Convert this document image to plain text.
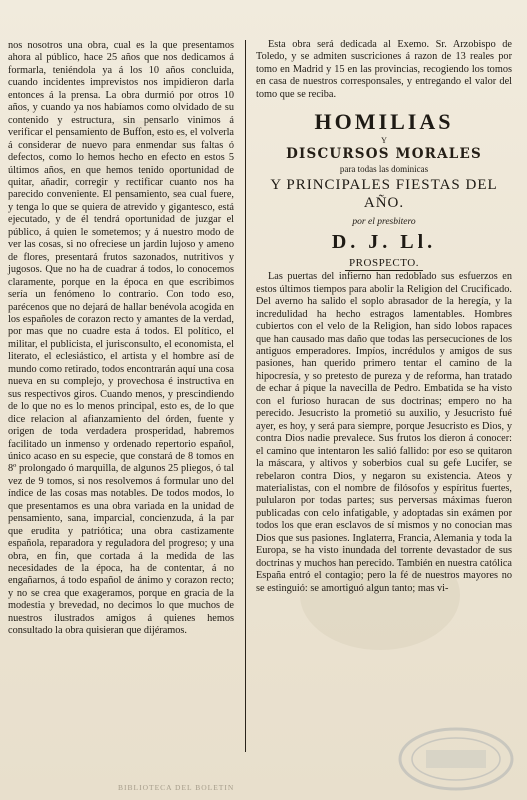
nos nosotros una obra, cual es la que presentamos ahora al público, hace 25 años que nos dedicamos á formarla, teniéndola ya á los 10 años concluida, cuando incidentes imprevistos nos impidieron darla entonces á la prensa. La obra durmió por otros 10 años, y cuando ya nos habíamos como olvidado de su contenido y estructura, sin pensarlo vinimos á verificar el pensamiento de Buffon, esto es, el volverla á considerar de nuevo para enmendar sus faltas ó defectos, como lo hemos hecho en efecto en estos 5 últimos años, en que hemos tenido oportunidad de quitar, añadir, corregir y rectificar cuanto nos ha parecido conveniente. El pensamiento, sea cual fuere, y tenga lo que se quiera de atrevido y gigantesco, está ejecutado, y de él tendrá oportunidad de juzgar el público, á quien le sometemos; y á nuestro modo de ver las cosas, si no ofreciese un jardin lujoso y ameno de flores, presentará frutos sazonados, nutritivos y jugosos. Que no ha de cuadrar á todos, lo conocemos claramente, porque en la época en que escribimos sería un fenómeno lo contrario. Con todo eso, parécenos que no dejará de hallar benévola acogida en los españoles de corazon recto y amantes de la verdad, por mas que no cuadre esta á todos. El político, el militar, el publicista, el jurisconsulto, el economista, el literato, el eclesiástico, el artista y el hombre así de mundo como retirado, todos encontrarán aquí una cosa nueva en su complejo, y provechosa é instructiva en sus respectivos giros. Cuando menos, y prescindiendo de lo que no es lo menos principal, esto es, de lo que dice relacion al afianzamiento del órden, fuente y origen de toda verdadera prosperidad, habremos facilitado un inmenso y ordenado repertorio español, único acaso en su especie, que constará de 8 tomos en 8º prolongado ó marquilla, de algunos 25 pliegos, ó tal vez de 9 tomos, si nos resolvemos á formular uno del índice de las cosas mas notables. De todos modos, lo que presentamos es una obra variada en la unidad de pensamiento, sana, imparcial, concienzuda, á la par que erudita y patriótica; una obra castizamente española, reparadora y reguladora del progreso; y una obra, en fin, que cortada á la medida de las necesidades de la época, ha de contentar, á no engañarnos, á todo español de ánimo y corazon recto; y no se crea que exageramos, porque en gracia de la modestia y brevedad, no decimos lo que muchos de nuestros ilustrados amigos á quienes hemos consultado la obra quisieran que dijéramos.

Esta obra será dedicada al Exemo. Sr. Arzobispo de Toledo, y se admiten suscriciones á razon de 13 reales por tomo en Madrid y 15 en las provincias, recogiendo los tomos en casa de nuestros corresponsales, y entregando el valor del tomo que se reciba.

HOMILIAS

Y

DISCURSOS MORALES

para todas las dominicas

Y PRINCIPALES FIESTAS DEL AÑO.

por el presbitero

D. J. Ll.

PROSPECTO.

Las puertas del infierno han redoblado sus esfuerzos en estos últimos tiempos para abolir la Religion del Crucificado. Del averno ha salido el soplo abrasador de la heregía, y la incredulidad ha hecho estragos lamentables. Hombres cubiertos con el velo de la Religion, han sido lobos rapaces que han causado mas daño que todas las persecuciones de los antiguos emperadores. Impíos, incrédulos y amigos de sus pasiones, han querido primero tentar el camino de la hipocresía, y so pretesto de pureza y de reforma, han tratado de echar á pique la navecilla de Pedro. Embatida se ha visto con el furioso huracan de sus doctrinas; empero no ha perecido. Jesucristo la prometió su auxilio, y Jesucristo fué ayer, es hoy, y será para siempre, porque Jesucristo es Dios, y contra Dios nadie prevalece. Sus frutos los dieron á conocer: el camino que intentaron les salió fallido: por eso se quitaron la máscara, y altivos y soberbios cual su gefe Lucifer, se rebelaron contra Dios, y negaron su existencia. Ateos y materialistas, con el nombre de filósofos y espíritus fuertes, pulularon por todas partes; sus perversas máximas fueron publicadas con celo infatigable, y adoptadas sin exámen por todos los que eran esclavos de sí mismos y no conocian mas Dios que sus pasiones. Inglaterra, Francia, Alemania y toda la Europa, se ha visto inundada del torrente devastador de sus doctrinas y muchos han perecido. También en nuestra católica España entró el contagio; pero la fé de nuestros mayores no se estinguió: se amortiguó algun tanto; mas vi-

BIBLIOTECA DEL BOLETIN
